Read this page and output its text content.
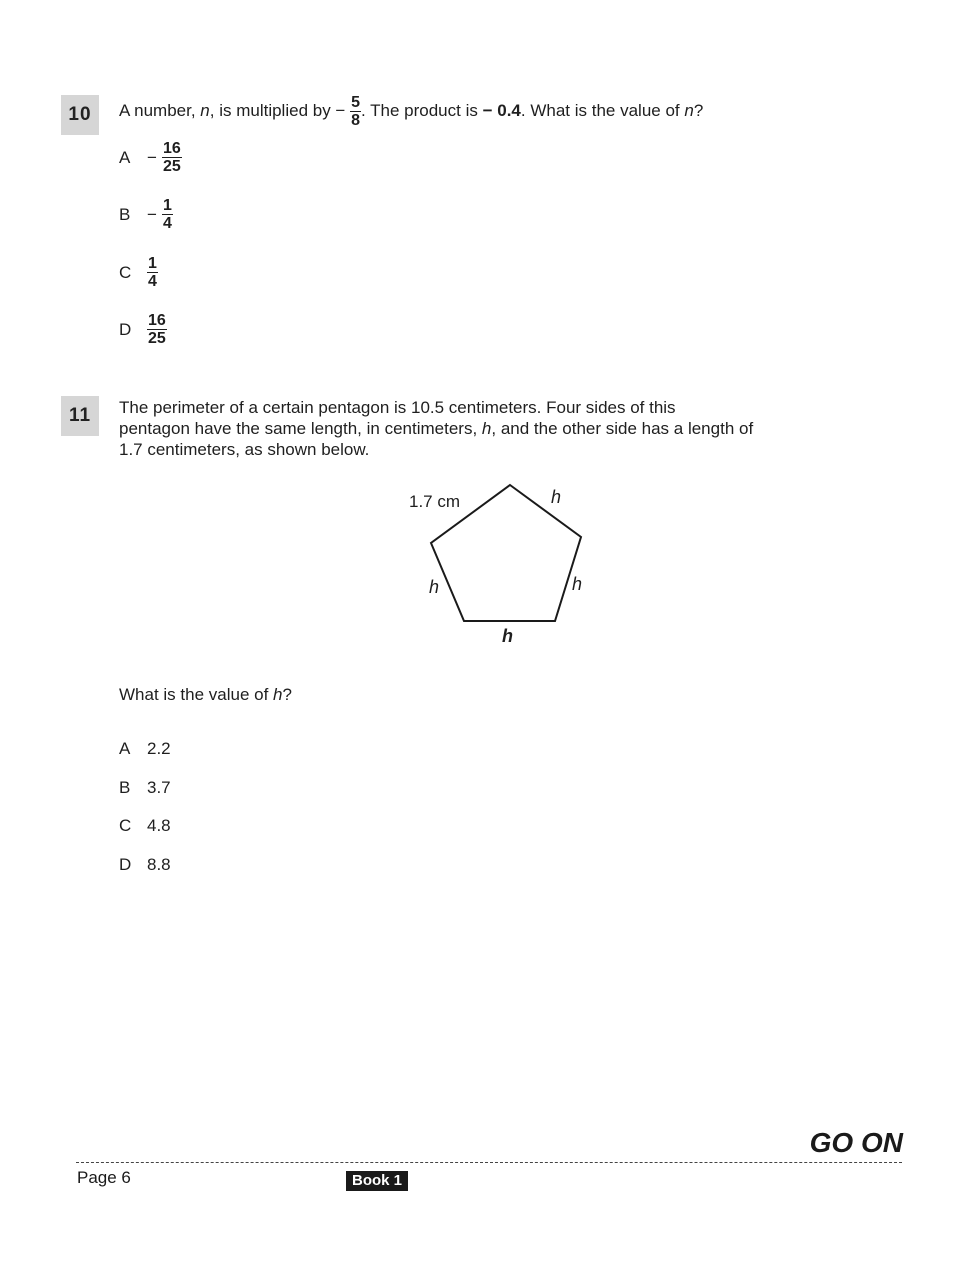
10	A number, n, is multiplied by − $\frac{5}{8}$ . The product is − 0.4. What is the value of n?
$A - \frac{16}{25}$
$B - \frac{1}{4}$
C $\frac{1}{4}$
D $\frac{16}{25}$
11	The perimeter of a certain pentagon is 10.5 centimeters. Four sides of this
pentagon have the same length, in centimeters, h, and the other side has a length of
1.7 centimeters, as shown below.
1.7 cm	h
h
h
h
What is the value of h?
A 2.2
B 3.7
C 4.8
D 8.8
GO ON
Page 6	Book 1
